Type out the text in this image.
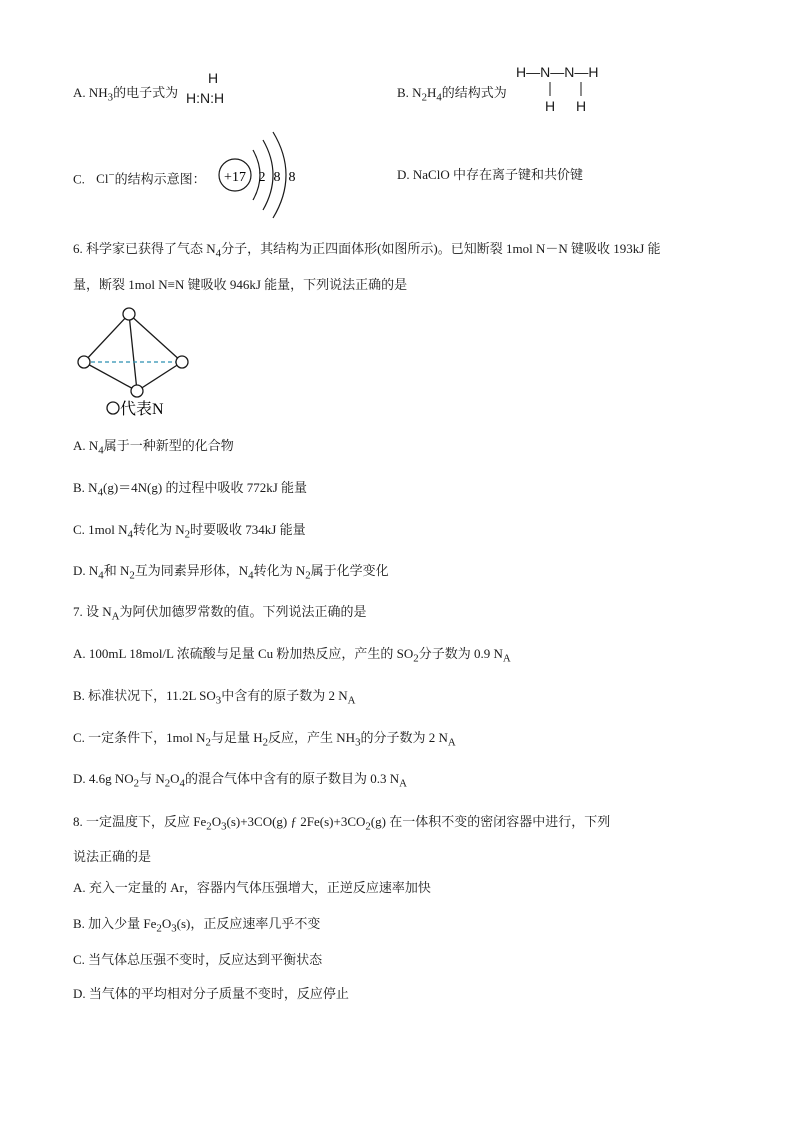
A. $NH_3$的电子式为
H
H:N:H	B. $N_2H_4$的结构式为
H—N—N—H
H H
C. Cl−的结构示意图： +17 2 8 8	D. NaClO 中存在离子键和共价键
6. 科学家已获得了气态 $N_4$分子，其结构为正四面体形(如图所示)。已知断裂 1mol N－N 键吸收 193kJ 能
量，断裂 1mol N≡N 键吸收 946kJ 能量，下列说法正确的是
代表N
A. $N_4$属于一种新型的化合物
B. $N_4(g)=4N(g)$ 的过程中吸收 772kJ 能量
C. 1mol $N_4$转化为 $N_2$时要吸收 734kJ 能量
D. $N_4$和 $N_2$互为同素异形体，$N_4$转化为 $N_2$属于化学变化
7. 设 $N_A$为阿伏加德罗常数的值。下列说法正确的是
A. 100mL 18mol/L 浓硫酸与足量 Cu 粉加热反应，产生的 $SO_2$分子数为 0.9 $N_A$
B. 标准状况下，11.2L $SO_3$中含有的原子数为 2 $N_A$
C. 一定条件下，1mol $N_2$与足量 $H_2$反应，产生 $NH_3$的分子数为 2 $N_A$
D. 4.6g $NO_2$与 $N_2O_4$的混合气体中含有的原子数目为 0.3 $N_A$
8. 一定温度下，反应 $Fe_2O_3(s)+3CO(g)$ ƒ $2Fe(s)+3CO_2(g)$ 在一体积不变的密闭容器中进行，下列
说法正确的是
A. 充入一定量的 Ar，容器内气体压强增大，正逆反应速率加快
B. 加入少量 $Fe_2O_3(s)$，正反应速率几乎不变
C. 当气体总压强不变时，反应达到平衡状态
D. 当气体的平均相对分子质量不变时，反应停止
